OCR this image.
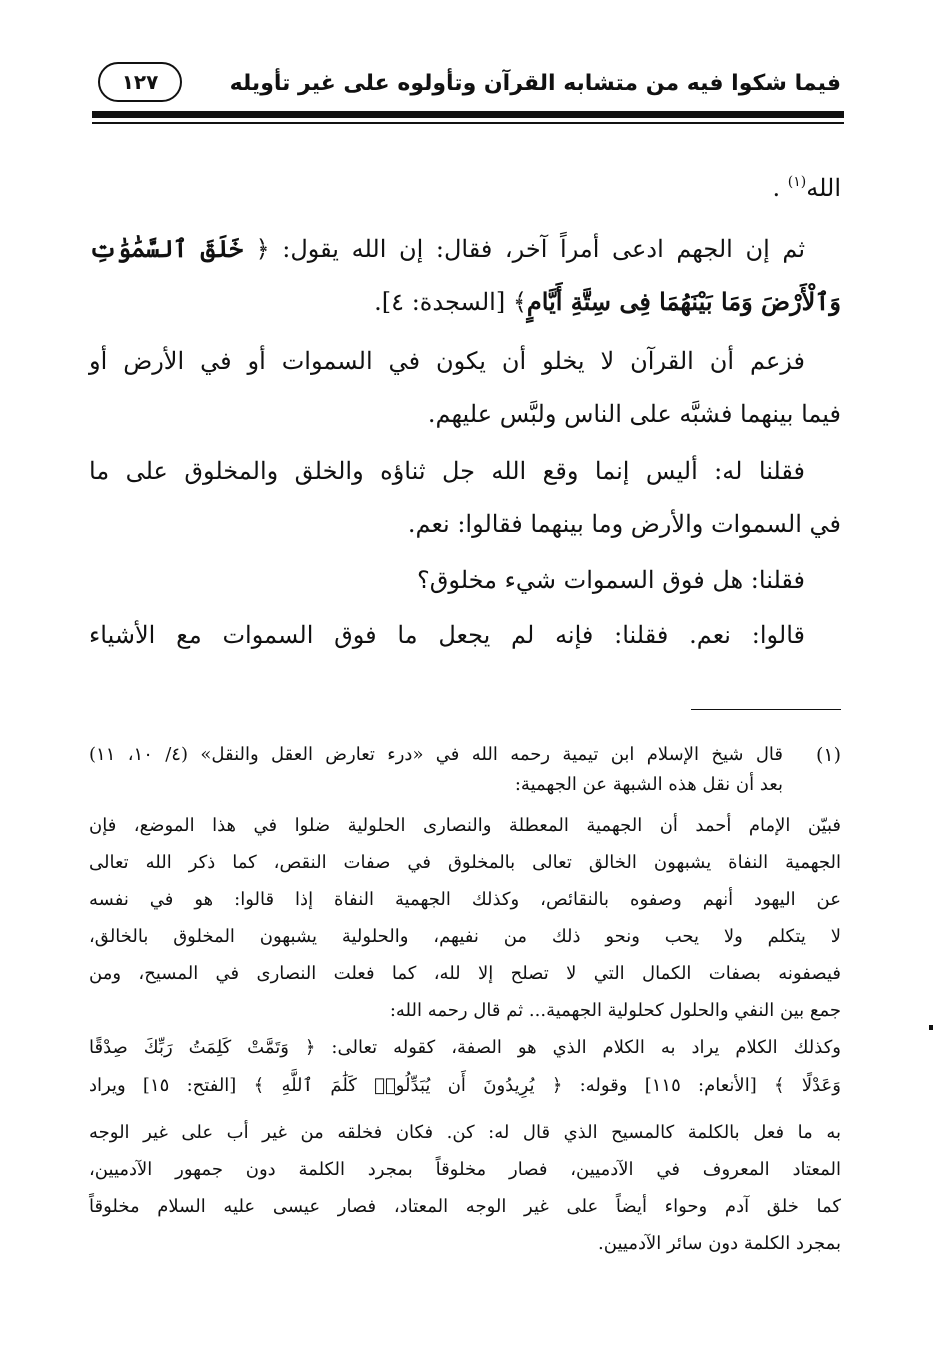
فيما شكوا فيه من متشابه القرآن وتأولوه على غير تأويله
١٢٧
الله$^{(١)}$ .
ثم إن الجهم ادعى أمراً آخر، فقال: إن الله يقول: ﴿ خَلَقَ ٱلسَّمَٰوَٰتِ
وَٱلْأَرْضَ وَمَا بَيْنَهُمَا فِى سِتَّةِ أَيَّامٍ﴾ [السجدة: ٤].
فزعم أن القرآن لا يخلو أن يكون في السموات أو في الأرض أو
فيما بينهما فشبَّه على الناس ولبَّس عليهم.
فقلنا له: أليس إنما وقع الله جل ثناؤه والخلق والمخلوق على ما
في السموات والأرض وما بينهما فقالوا: نعم.
فقلنا: هل فوق السموات شيء مخلوق؟
قالوا: نعم. فقلنا: فإنه لم يجعل ما فوق السموات مع الأشياء
(١)
قال شيخ الإسلام ابن تيمية رحمه الله في «درء تعارض العقل والنقل» (٤/ ١٠، ١١)
بعد أن نقل هذه الشبهة عن الجهمية:
فبيّن الإمام أحمد أن الجهمية المعطلة والنصارى الحلولية ضلوا في هذا الموضع، فإن
الجهمية النفاة يشبهون الخالق تعالى بالمخلوق في صفات النقص، كما ذكر الله تعالى
عن اليهود أنهم وصفوه بالنقائص، وكذلك الجهمية النفاة إذا قالوا: هو في نفسه
لا يتكلم ولا يحب ونحو ذلك من نفيهم، والحلولية يشبهون المخلوق بالخالق،
فيصفونه بصفات الكمال التي لا تصلح إلا لله، كما فعلت النصارى في المسيح، ومن
جمع بين النفي والحلول كحلولية الجهمية... ثم قال رحمه الله:
وكذلك الكلام يراد به الكلام الذي هو الصفة، كقوله تعالى: ﴿ وَتَمَّتْ كَلِمَتُ رَبِّكَ صِدْقًا
وَعَدْلًا ﴾ [الأنعام: ١١٥] وقوله: ﴿ يُرِيدُونَ أَن يُبَدِّلُوا۟ كَلَٰمَ ٱللَّهِ ﴾ [الفتح: ١٥] ويراد
به ما فعل بالكلمة كالمسيح الذي قال له: كن. فكان فخلقه من غير أب على غير الوجه
المعتاد المعروف في الآدميين، فصار مخلوقاً بمجرد الكلمة دون جمهور الآدميين،
كما خلق آدم وحواء أيضاً على غير الوجه المعتاد، فصار عيسى عليه السلام مخلوقاً
بمجرد الكلمة دون سائر الآدميين.
